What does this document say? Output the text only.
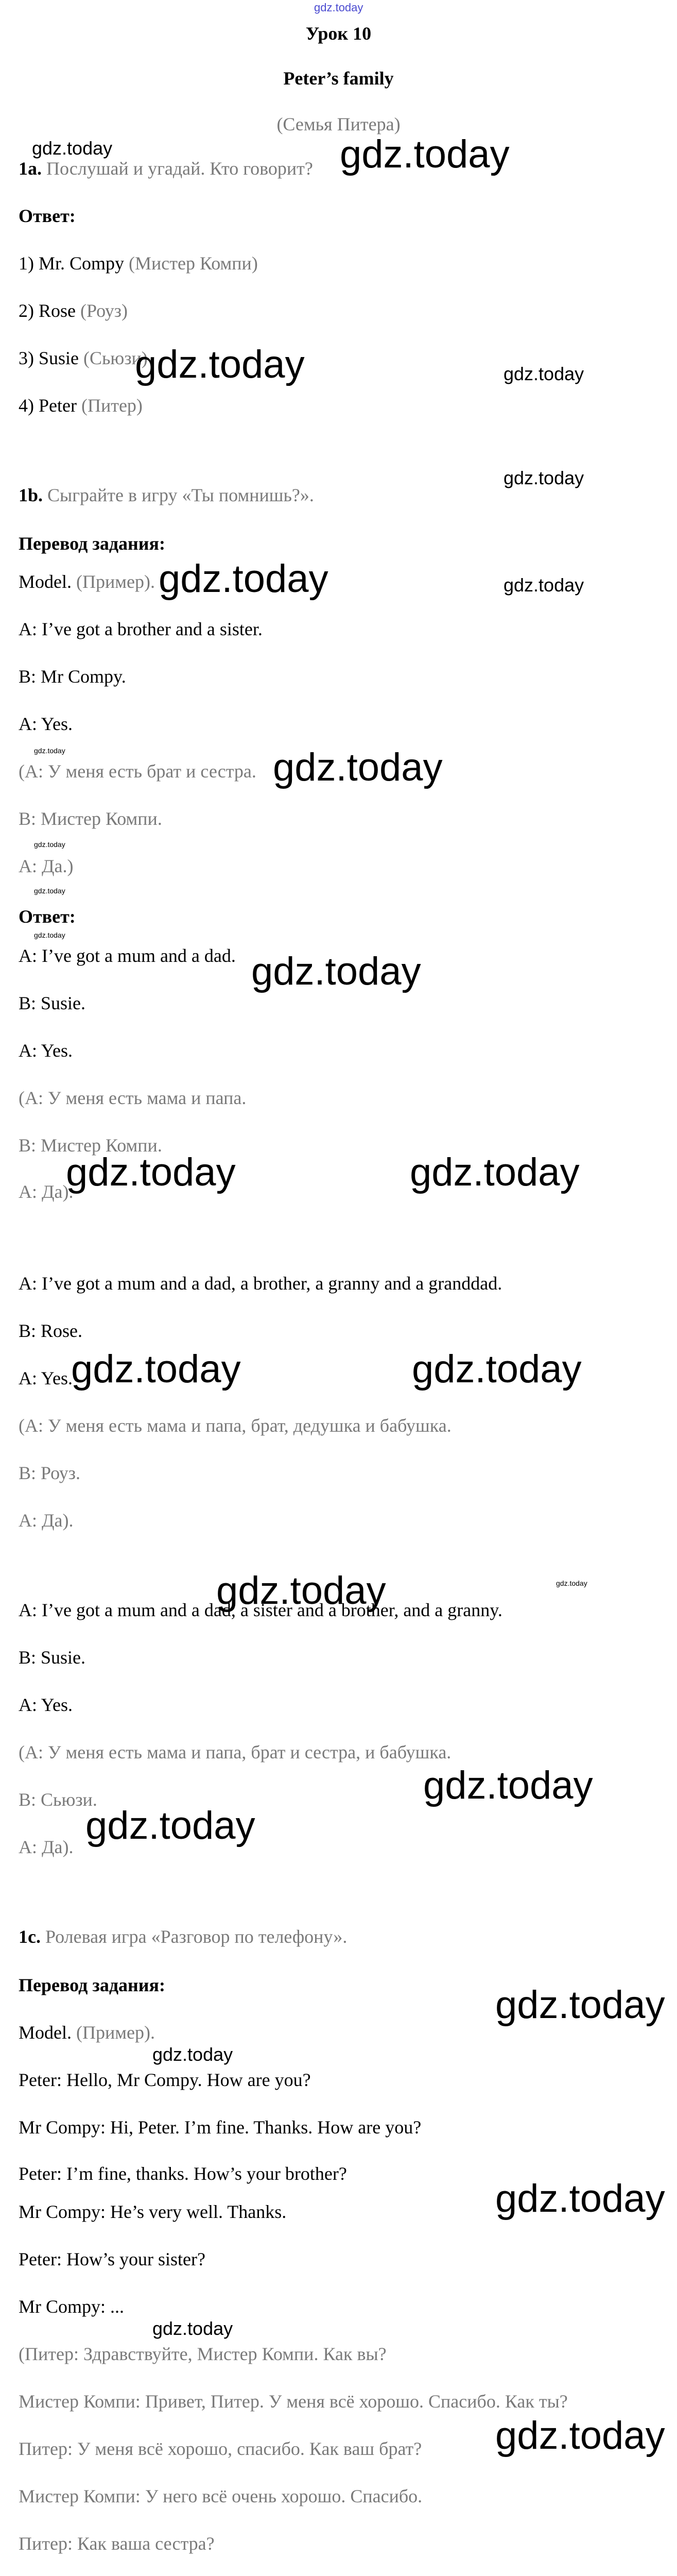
gdz.today
Урок 10
Peter’s family
(Семья Питера)
1a. Послушай и угадай. Кто говорит?
Ответ:
1) Mr. Compy (Мистер Компи)
2) Rose (Роуз)
3) Susie (Сьюзи)
4) Peter (Питер)
1b. Сыграйте в игру «Ты помнишь?».
Перевод задания:
Model. (Пример).
A: I’ve got a brother and a sister.
B: Mr Compy.
A: Yes.
(А: У меня есть брат и сестра.
В: Мистер Компи.
А: Да.)
Ответ:
A: I’ve got a mum and a dad.
B: Susie.
A: Yes.
(А: У меня есть мама и папа.
В: Мистер Компи.
А: Да).
A: I’ve got a mum and a dad, a brother, a granny and a granddad.
B: Rose.
A: Yes.
(А: У меня есть мама и папа, брат, дедушка и бабушка.
В: Роуз.
А: Да).
A: I’ve got a mum and a dad, a sister and a brother, and a granny.
B: Susie.
A: Yes.
(А: У меня есть мама и папа, брат и сестра, и бабушка.
В: Сьюзи.
А: Да).
1c. Ролевая игра «Разговор по телефону».
Перевод задания:
Model. (Пример).
Peter: Hello, Mr Compy. How are you?
Mr Compy: Hi, Peter. I’m fine. Thanks. How are you?
Peter: I’m fine, thanks. How’s your brother?
Mr Compy: He’s very well. Thanks.
Peter: How’s your sister?
Mr Compy: ...
(Питер: Здравствуйте, Мистер Компи. Как вы?
Мистер Компи: Привет, Питер. У меня всё хорошо. Спасибо. Как ты?
Питер: У меня всё хорошо, спасибо. Как ваш брат?
Мистер Компи: У него всё очень хорошо. Спасибо.
Питер: Как ваша сестра?
gdz.today	gdz.today
gdz.today	gdz.today
gdz.today
gdz.today
gdz.today
gdz.today
gdz.today
gdz.today
gdz.today
gdz.today
gdz.today
gdz.today	gdz.today
gdz.today	gdz.today
gdz.today	gdz.today
gdz.today
gdz.today
gdz.today
gdz.today
gdz.today
gdz.today
gdz.today
